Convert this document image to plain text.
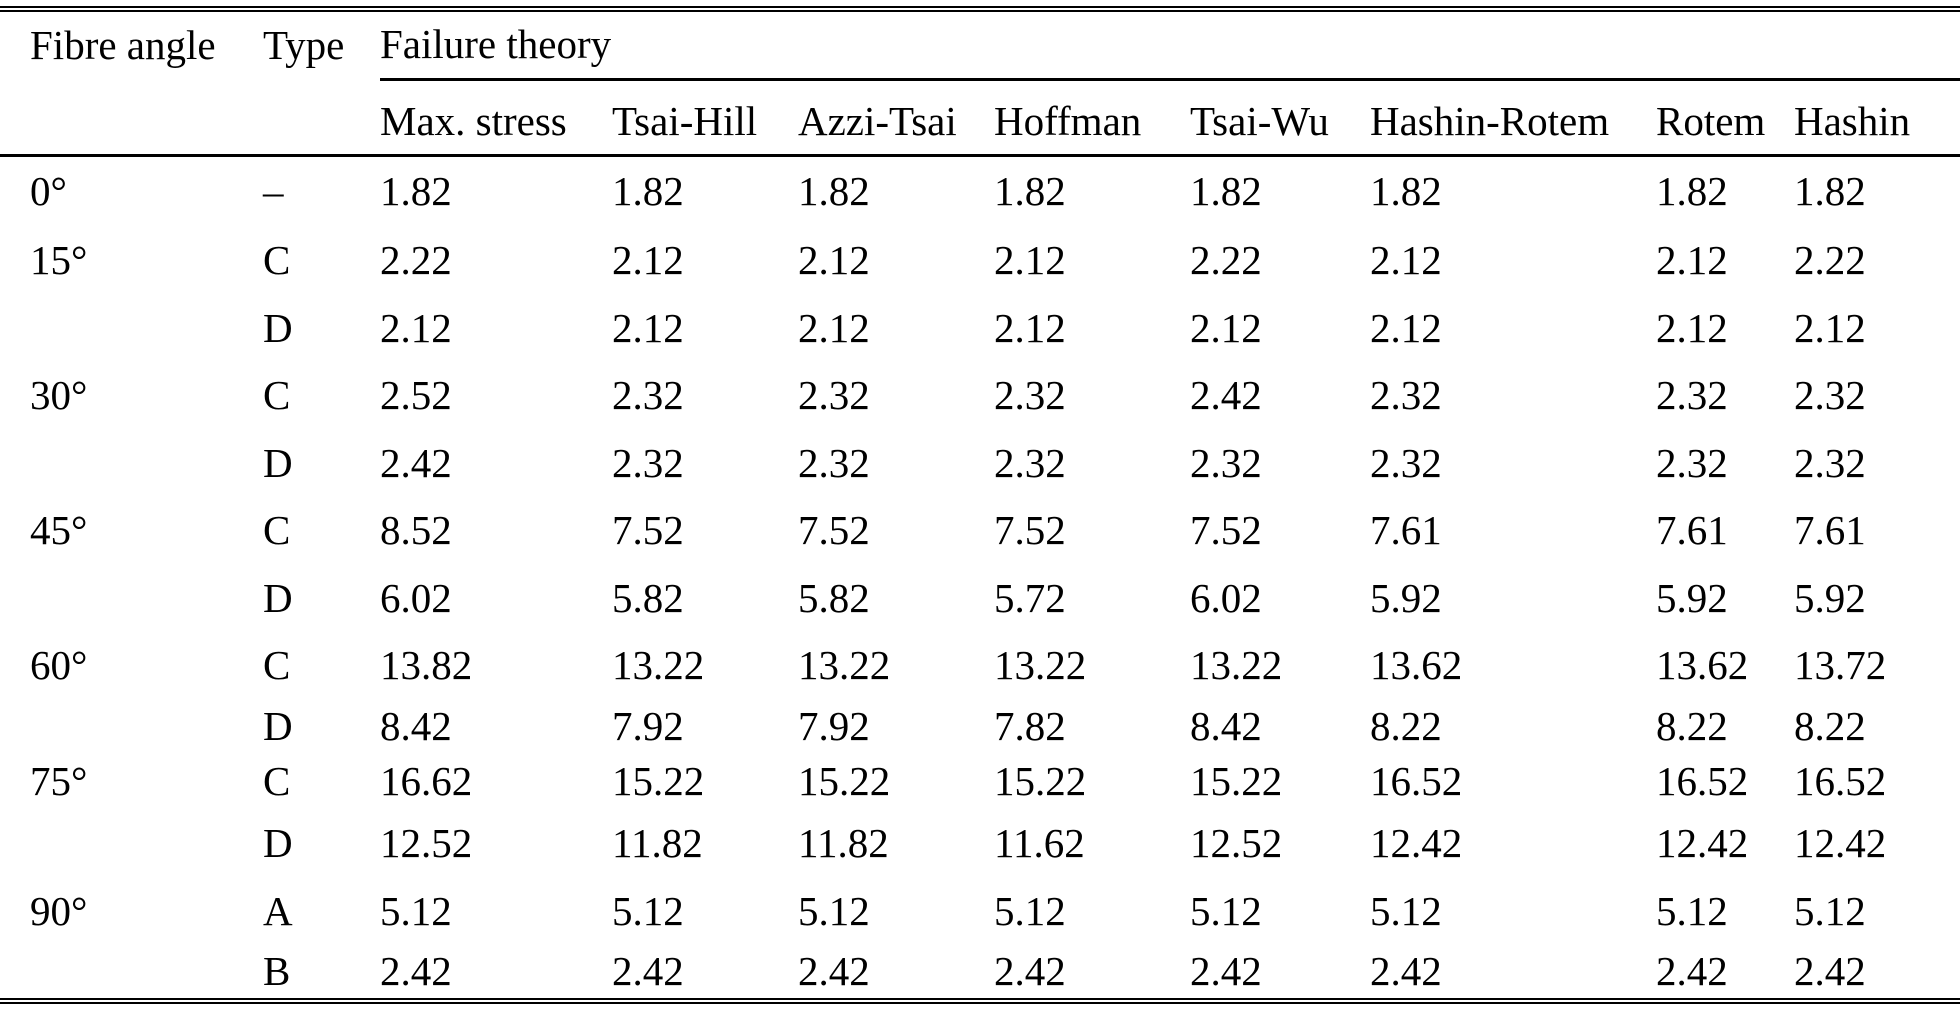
Fibre angle	Type	Failure theory							
		Max. stress	Tsai-Hill	Azzi-Tsai	Hoffman	Tsai-Wu	Hashin-Rotem	Rotem	Hashin
0°	–	1.82	1.82	1.82	1.82	1.82	1.82	1.82	1.82
15°	C	2.22	2.12	2.12	2.12	2.22	2.12	2.12	2.22
	D	2.12	2.12	2.12	2.12	2.12	2.12	2.12	2.12
30°	C	2.52	2.32	2.32	2.32	2.42	2.32	2.32	2.32
	D	2.42	2.32	2.32	2.32	2.32	2.32	2.32	2.32
45°	C	8.52	7.52	7.52	7.52	7.52	7.61	7.61	7.61
	D	6.02	5.82	5.82	5.72	6.02	5.92	5.92	5.92
60°	C	13.82	13.22	13.22	13.22	13.22	13.62	13.62	13.72
	D	8.42	7.92	7.92	7.82	8.42	8.22	8.22	8.22
75°	C	16.62	15.22	15.22	15.22	15.22	16.52	16.52	16.52
	D	12.52	11.82	11.82	11.62	12.52	12.42	12.42	12.42
90°	A	5.12	5.12	5.12	5.12	5.12	5.12	5.12	5.12
	B	2.42	2.42	2.42	2.42	2.42	2.42	2.42	2.42
